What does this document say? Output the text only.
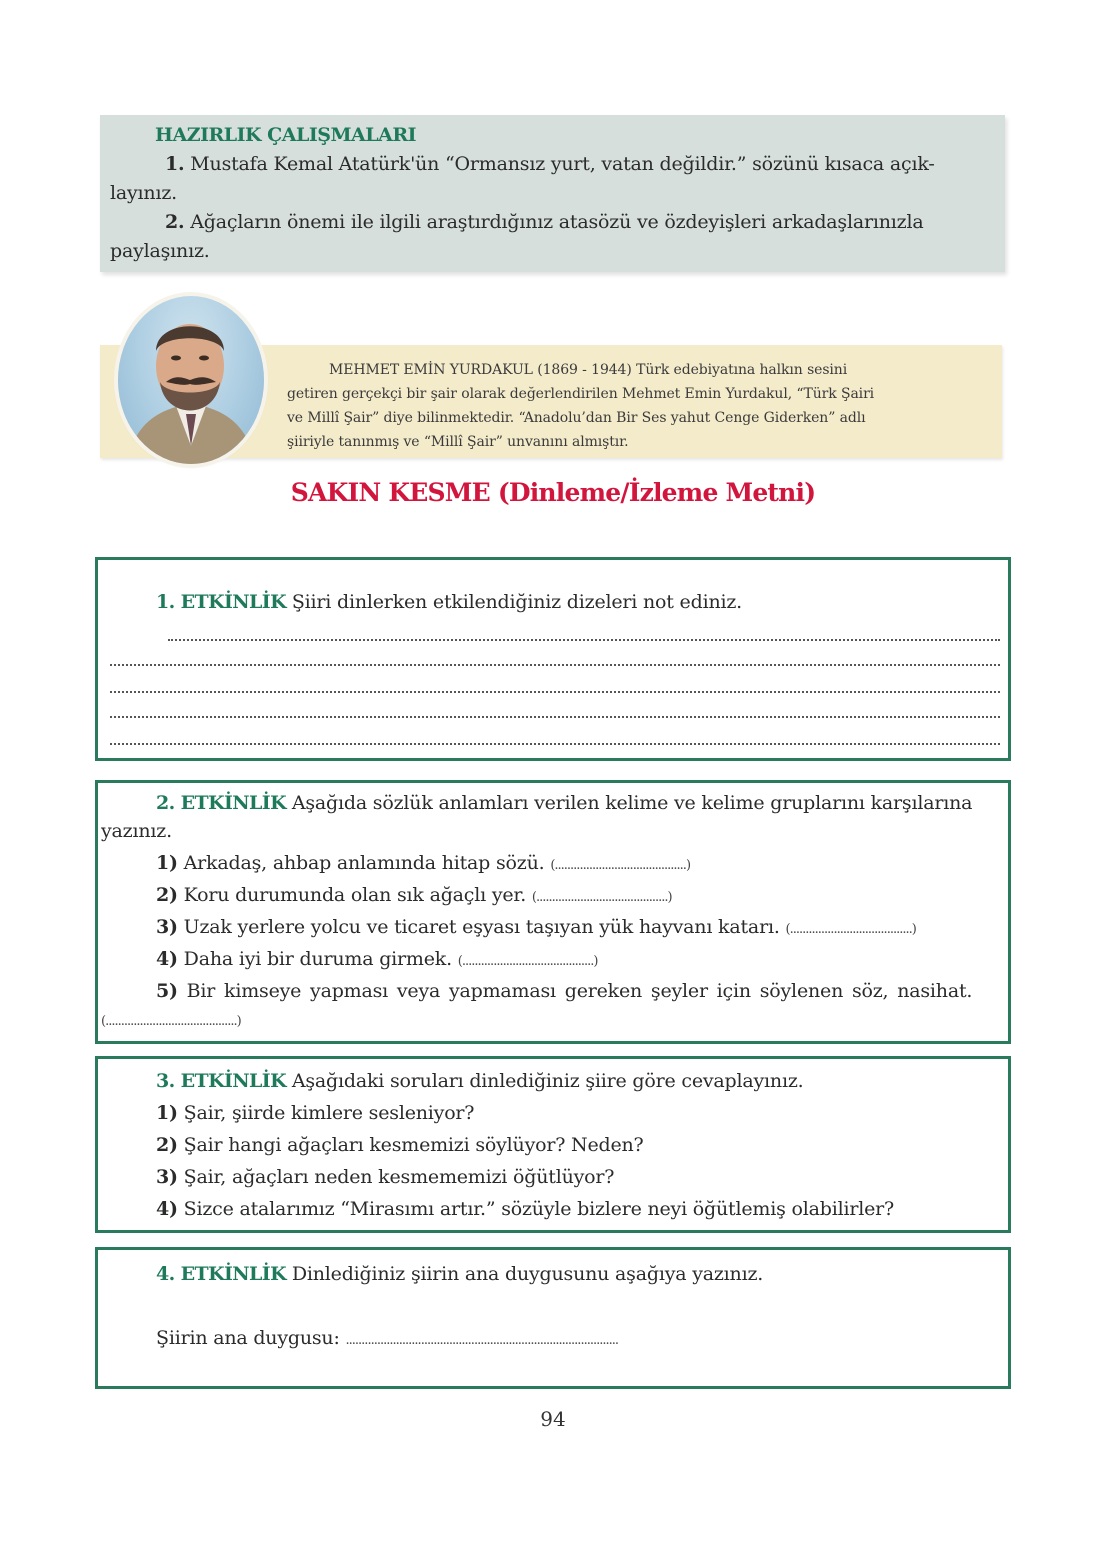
HAZIRLIK ÇALIŞMALARI

1. Mustafa Kemal Atatürk'ün “Ormansız yurt, vatan değildir.” sözünü kısaca açık-

layınız.

2. Ağaçların önemi ile ilgili araştırdığınız atasözü ve özdeyişleri arkadaşlarınızla

paylaşınız.

MEHMET EMİN YURDAKUL (1869 - 1944) Türk edebiyatına halkın sesini
getiren gerçekçi bir şair olarak değerlendirilen Mehmet Emin Yurdakul, “Türk Şairi
ve Millî Şair” diye bilinmektedir. “Anadolu’dan Bir Ses yahut Cenge Giderken” adlı
şiiriyle tanınmış ve “Millî Şair” unvanını almıştır.
SAKIN KESME (Dinleme/İzleme Metni)
1. ETKİNLİK Şiiri dinlerken etkilendiğiniz dizeleri not ediniz.
2. ETKİNLİK Aşağıda sözlük anlamları verilen kelime ve kelime gruplarını karşılarına
yazınız.
1) Arkadaş, ahbap anlamında hitap sözü. (..........................................)
2) Koru durumunda olan sık ağaçlı yer. (..........................................)
3) Uzak yerlere yolcu ve ticaret eşyası taşıyan yük hayvanı katarı. (.......................................)
4) Daha iyi bir duruma girmek. (..........................................)
5) Bir kimseye yapması veya yapmaması gereken şeyler için söylenen söz, nasihat.
(..........................................)
3. ETKİNLİK Aşağıdaki soruları dinlediğiniz şiire göre cevaplayınız.
1) Şair, şiirde kimlere sesleniyor?
2) Şair hangi ağaçları kesmemizi söylüyor? Neden?
3) Şair, ağaçları neden kesmememizi öğütlüyor?
4) Sizce atalarımız “Mirasımı artır.” sözüyle bizlere neyi öğütlemiş olabilirler?
4. ETKİNLİK Dinlediğiniz şiirin ana duygusunu aşağıya yazınız.
Şiirin ana duygusu: .......................................................................................
94
